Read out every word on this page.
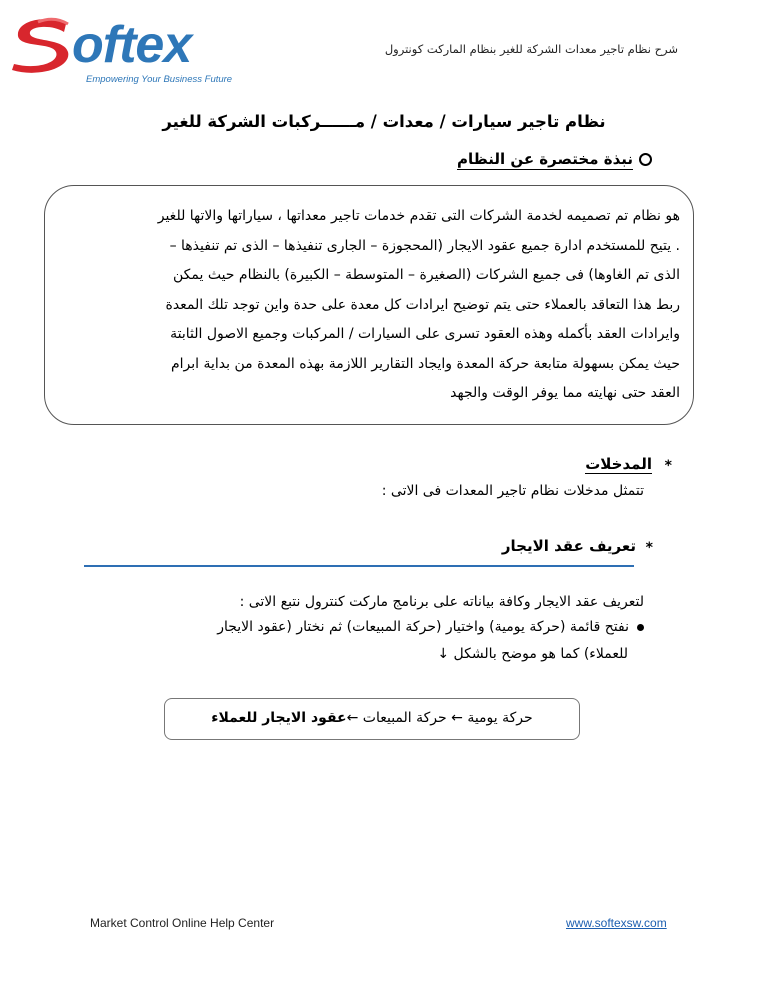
oftex
Empowering Your Business Future
شرح نظام تاجير معدات الشركة للغير بنظام الماركت كونترول
نظام تاجير سيارات / معدات / مــــــركبات الشركة للغير
نبذة مختصرة عن النظام
هو نظام تم تصميمه لخدمة الشركات التى تقدم خدمات تاجير معداتها ، سياراتها والاتها للغير
. يتيح للمستخدم ادارة جميع عقود الايجار (المحجوزة – الجارى تنفيذها – الذى تم تنفيذها –
الذى تم الغاوها) فى جميع الشركات (الصغيرة – المتوسطة – الكبيرة) بالنظام حيث يمكن
ربط هذا التعاقد بالعملاء حتى يتم توضيح ايرادات كل معدة على حدة واين توجد تلك المعدة
وايرادات العقد بأكمله وهذه العقود تسرى على السيارات / المركبات وجميع الاصول الثابتة
حيث يمكن بسهولة متابعة حركة المعدة وايجاد التقارير اللازمة بهذه المعدة من بداية ابرام
العقد حتى نهايته مما يوفر الوقت والجهد
*
المدخلات
تتمثل مدخلات نظام تاجير المعدات فى الاتى :
*
تعريف عقد الايجار
لتعريف عقد الايجار وكافة بياناته على برنامج ماركت كنترول نتبع الاتى :
نفتح قائمة (حركة يومية) واختيار (حركة المبيعات) ثم نختار (عقود الايجار
للعملاء) كما هو موضح بالشكل ↓
حركة يومية ← حركة المبيعات ←عقود الايجار للعملاء
Market Control Online Help Center	www.softexsw.com
